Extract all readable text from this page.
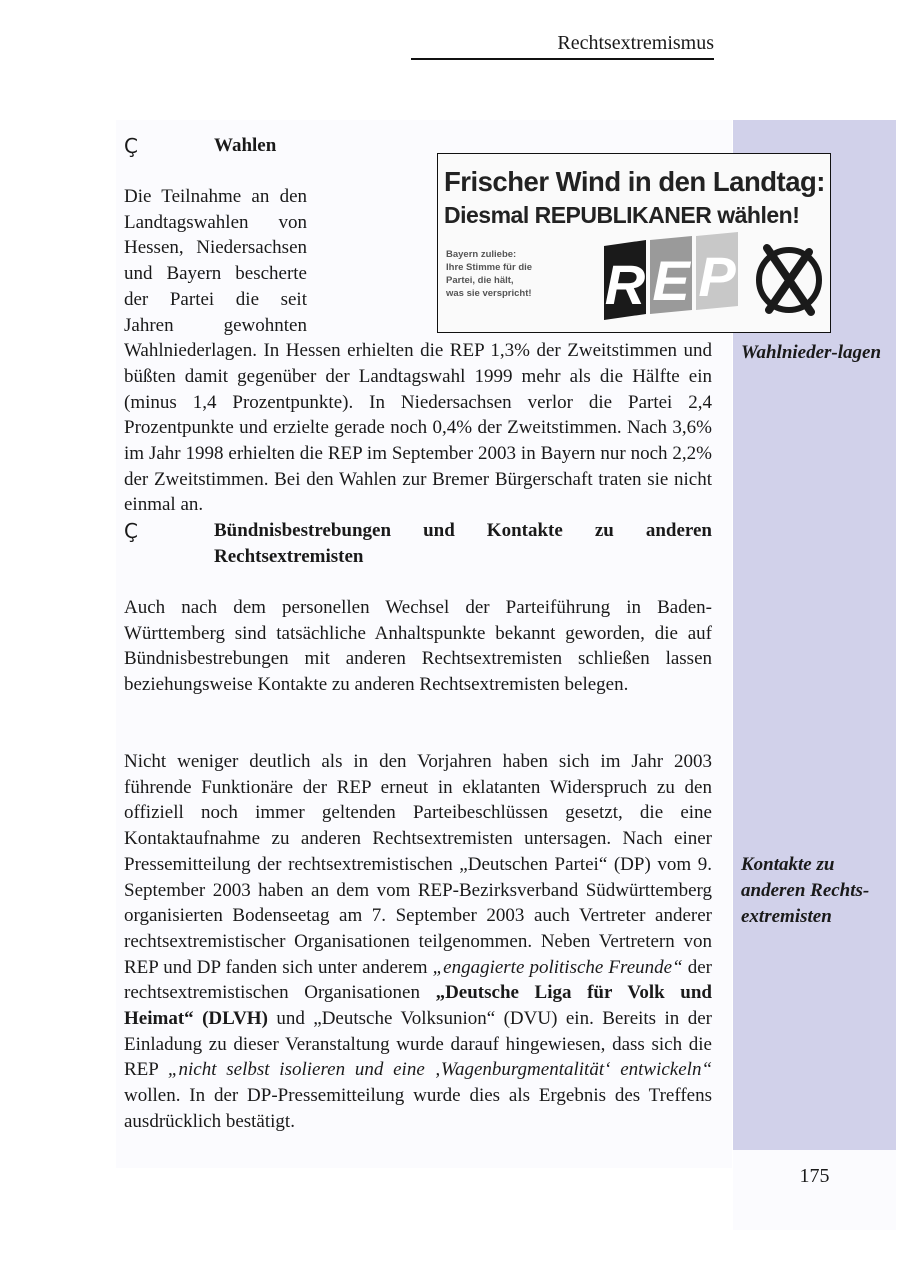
Rechtsextremismus
Ç	Wahlen
Frischer Wind in den Landtag:
Diesmal REPUBLIKANER wählen!
Bayern zuliebe:
Ihre Stimme für die
Partei, die hält,
was sie verspricht!	R E P

Die Teilnahme an den Landtagswahlen von Hessen, Niedersachsen und Bayern bescherte der Partei die seit Jahren gewohnten Wahlniederlagen. In Hessen erhielten die REP 1,3% der Zweitstimmen und büßten damit gegenüber der Landtagswahl 1999 mehr als die Hälfte ein (minus 1,4 Prozentpunkte). In Niedersachsen verlor die Partei 2,4 Prozentpunkte und erzielte gerade noch 0,4% der Zweitstimmen. Nach 3,6% im Jahr 1998 erhielten die REP im September 2003 in Bayern nur noch 2,2% der Zweitstimmen. Bei den Wahlen zur Bremer Bürgerschaft traten sie nicht einmal an.

Wahlnieder-lagen
Ç	Bündnisbestrebungen und Kontakte zu anderen Rechtsextremisten

Auch nach dem personellen Wechsel der Parteiführung in Baden-Württemberg sind tatsächliche Anhaltspunkte bekannt geworden, die auf Bündnisbestrebungen mit anderen Rechtsextremisten schließen lassen beziehungsweise Kontakte zu anderen Rechtsextremisten belegen.

Nicht weniger deutlich als in den Vorjahren haben sich im Jahr 2003 führende Funktionäre der REP erneut in eklatanten Widerspruch zu den offiziell noch immer geltenden Parteibeschlüssen gesetzt, die eine Kontaktaufnahme zu anderen Rechtsextremisten untersagen. Nach einer Pressemitteilung der rechtsextremistischen „Deutschen Partei“ (DP) vom 9. September 2003 haben an dem vom REP-Bezirksverband Südwürttemberg organisierten Bodenseetag am 7. September 2003 auch Vertreter anderer rechtsextremistischer Organisationen teilgenommen. Neben Vertretern von REP und DP fanden sich unter anderem „engagierte politische Freunde“ der rechtsextremistischen Organisationen „Deutsche Liga für Volk und Heimat“ (DLVH) und „Deutsche Volksunion“ (DVU) ein. Bereits in der Einladung zu dieser Veranstaltung wurde darauf hingewiesen, dass sich die REP „nicht selbst isolieren und eine ‚Wagenburgmentalität‘ entwickeln“ wollen. In der DP-Pressemitteilung wurde dies als Ergebnis des Treffens ausdrücklich bestätigt.

Kontakte zu anderen Rechts-extremisten
175
